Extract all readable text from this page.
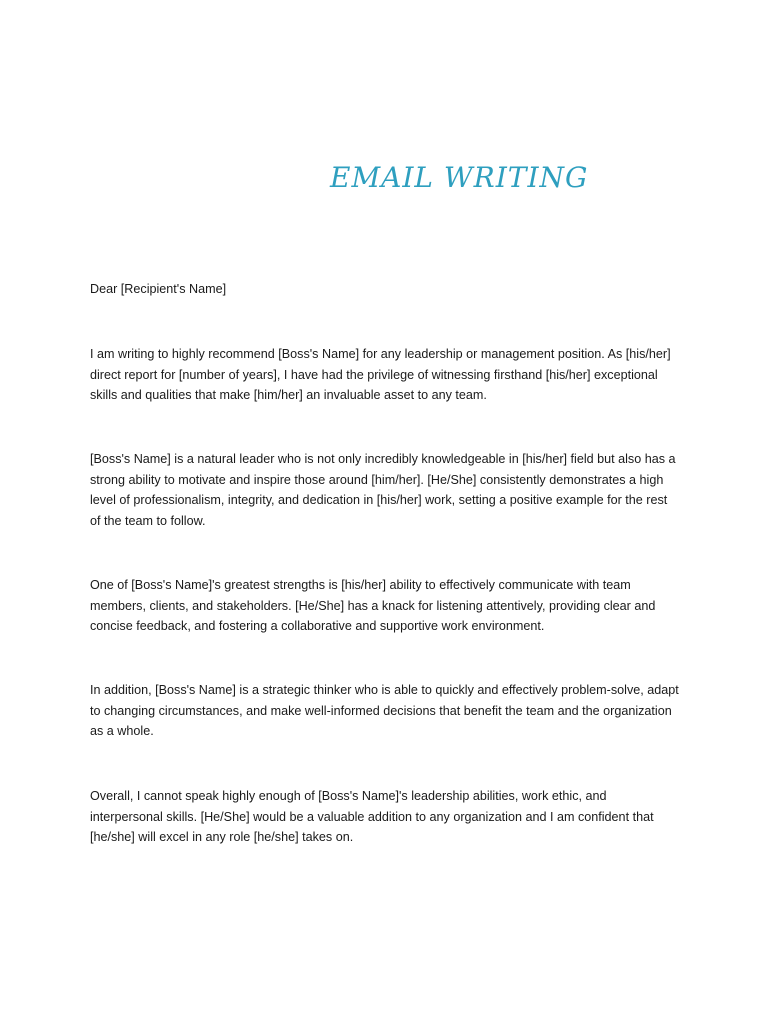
EMAIL WRITING

Dear [Recipient's Name]

I am writing to highly recommend [Boss's Name] for any leadership or management position. As [his/her] direct report for [number of years], I have had the privilege of witnessing firsthand [his/her] exceptional skills and qualities that make [him/her] an invaluable asset to any team.

[Boss's Name] is a natural leader who is not only incredibly knowledgeable in [his/her] field but also has a strong ability to motivate and inspire those around [him/her]. [He/She] consistently demonstrates a high level of professionalism, integrity, and dedication in [his/her] work, setting a positive example for the rest of the team to follow.

One of [Boss's Name]'s greatest strengths is [his/her] ability to effectively communicate with team members, clients, and stakeholders. [He/She] has a knack for listening attentively, providing clear and concise feedback, and fostering a collaborative and supportive work environment.

In addition, [Boss's Name] is a strategic thinker who is able to quickly and effectively problem-solve, adapt to changing circumstances, and make well-informed decisions that benefit the team and the organization as a whole.

Overall, I cannot speak highly enough of [Boss's Name]'s leadership abilities, work ethic, and interpersonal skills. [He/She] would be a valuable addition to any organization and I am confident that [he/she] will excel in any role [he/she] takes on.
